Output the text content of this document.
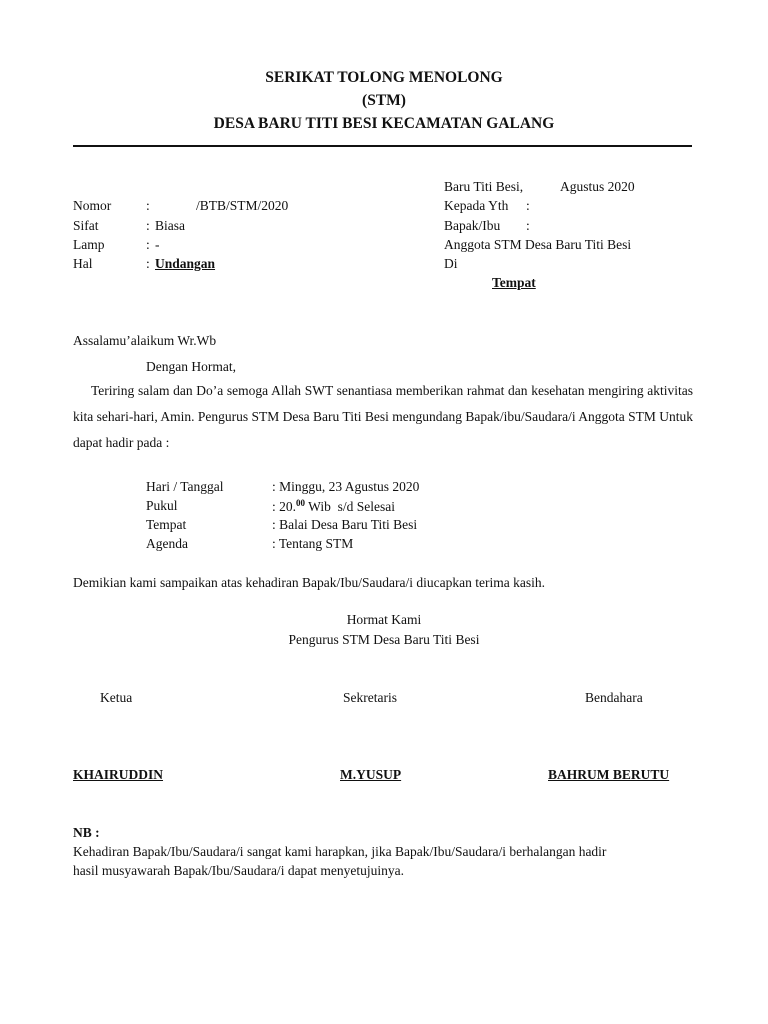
SERIKAT TOLONG MENOLONG
(STM)
DESA BARU TITI BESI KECAMATAN GALANG
Nomor	:	/BTB/STM/2020
Sifat	: Biasa
Lamp	: -
Hal	: Undangan
Baru Titi Besi,	Agustus 2020
Kepada Yth :
Bapak/Ibu :
Anggota STM Desa Baru Titi Besi
Di
Tempat
Assalamu’alaikum Wr.Wb
Dengan Hormat,
Teriring salam dan Do’a semoga Allah SWT senantiasa memberikan rahmat dan kesehatan mengiring aktivitas kita sehari-hari, Amin. Pengurus STM Desa Baru Titi Besi mengundang Bapak/ibu/Saudara/i Anggota STM Untuk dapat hadir pada :
Hari / Tanggal	: Minggu, 23 Agustus 2020
Pukul	: 20.00 Wib  s/d Selesai
Tempat	: Balai Desa Baru Titi Besi
Agenda	: Tentang STM
Demikian kami sampaikan atas kehadiran Bapak/Ibu/Saudara/i diucapkan terima kasih.
Hormat Kami
Pengurus STM Desa Baru Titi Besi
Ketua	Sekretaris	Bendahara
KHAIRUDDIN	M.YUSUP	BAHRUM BERUTU
NB :
Kehadiran Bapak/Ibu/Saudara/i sangat kami harapkan, jika Bapak/Ibu/Saudara/i berhalangan hadir
hasil musyawarah Bapak/Ibu/Saudara/i dapat menyetujuinya.
